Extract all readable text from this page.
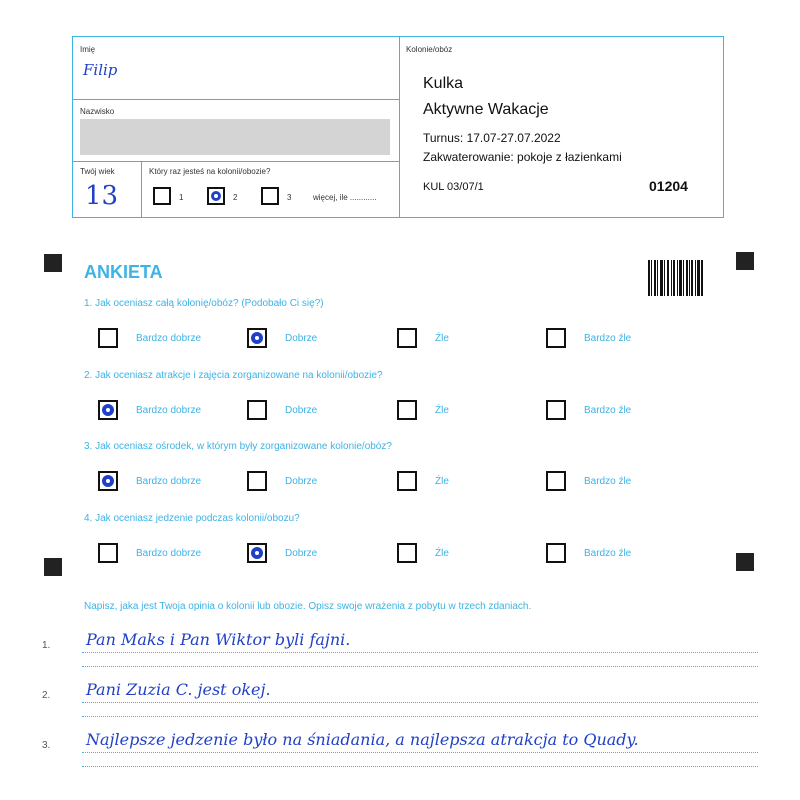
Imię
Filip
Nazwisko
Twój wiek
13
Który raz jesteś na kolonii/obozie?
1	2	3	więcej, ile ............
Kolonie/obóz
Kulka
Aktywne Wakacje
Turnus: 17.07-27.07.2022
Zakwaterowanie: pokoje z łazienkami
KUL 03/07/1	01204
ANKIETA
1. Jak oceniasz całą kolonię/obóz? (Podobało Ci się?)
Bardzo dobrze	Dobrze	Źle	Bardzo źle
2. Jak oceniasz atrakcje i zajęcia zorganizowane na kolonii/obozie?
Bardzo dobrze	Dobrze	Źle	Bardzo źle
3. Jak oceniasz ośrodek, w którym były zorganizowane kolonie/obóz?
Bardzo dobrze	Dobrze	Źle	Bardzo źle
4. Jak oceniasz jedzenie podczas kolonii/obozu?
Bardzo dobrze	Dobrze	Źle	Bardzo źle
Napisz, jaka jest Twoja opinia o kolonii lub obozie. Opisz swoje wrażenia z pobytu w trzech zdaniach.
1. Pan Maks i Pan Wiktor byli fajni.
2. Pani Zuzia C. jest okej.
3. Najlepsze jedzenie było na śniadania, a najlepsza atrakcja to Quady.
